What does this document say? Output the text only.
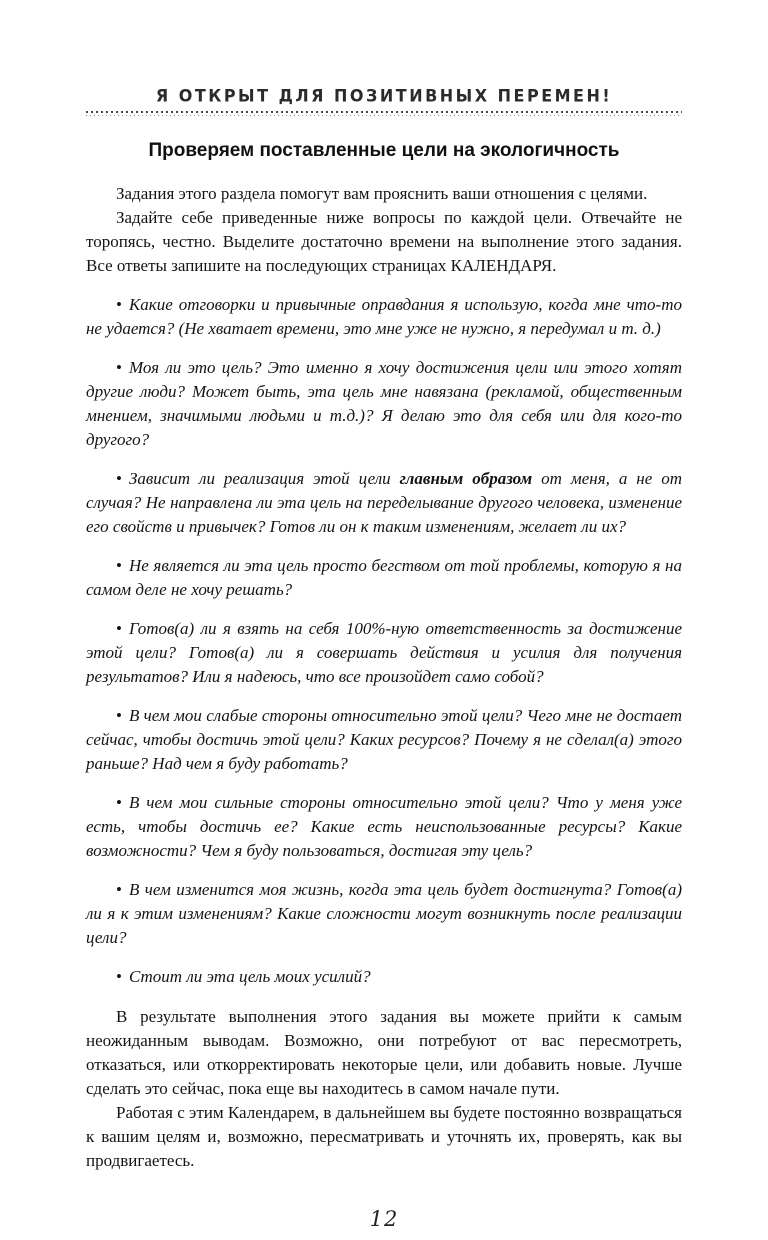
Я ОТКРЫТ ДЛЯ ПОЗИТИВНЫХ ПЕРЕМЕН!
Проверяем поставленные цели на экологичность

Задания этого раздела помогут вам прояснить ваши отношения с целями.

Задайте себе приведенные ниже вопросы по каждой цели. Отвечайте не торопясь, честно. Выделите достаточно времени на выполнение этого задания. Все ответы запишите на последующих страницах КАЛЕНДАРЯ.

• Какие отговорки и привычные оправдания я использую, когда мне что-то не удается? (Не хватает времени, это мне уже не нужно, я передумал и т. д.)
• Моя ли это цель? Это именно я хочу достижения цели или этого хотят другие люди? Может быть, эта цель мне навязана (рекламой, общественным мнением, значимыми людьми и т.д.)? Я делаю это для себя или для кого-то другого?
• Зависит ли реализация этой цели главным образом от меня, а не от случая? Не направлена ли эта цель на переделывание другого человека, изменение его свойств и привычек? Готов ли он к таким изменениям, желает ли их?
• Не является ли эта цель просто бегством от той проблемы, которую я на самом деле не хочу решать?
• Готов(а) ли я взять на себя 100%-ную ответственность за достижение этой цели? Готов(а) ли я совершать действия и усилия для получения результатов? Или я надеюсь, что все произойдет само собой?
• В чем мои слабые стороны относительно этой цели? Чего мне не достает сейчас, чтобы достичь этой цели? Каких ресурсов? Почему я не сделал(а) этого раньше? Над чем я буду работать?
• В чем мои сильные стороны относительно этой цели? Что у меня уже есть, чтобы достичь ее? Какие есть неиспользованные ресурсы? Какие возможности? Чем я буду пользоваться, достигая эту цель?
• В чем изменится моя жизнь, когда эта цель будет достигнута? Готов(а) ли я к этим изменениям? Какие сложности могут возникнуть после реализации цели?
• Стоит ли эта цель моих усилий?

В результате выполнения этого задания вы можете прийти к самым неожиданным выводам. Возможно, они потребуют от вас пересмотреть, отказаться, или откорректировать некоторые цели, или добавить новые. Лучше сделать это сейчас, пока еще вы находитесь в самом начале пути.

Работая с этим Календарем, в дальнейшем вы будете постоянно возвращаться к вашим целям и, возможно, пересматривать и уточнять их, проверять, как вы продвигаетесь.

12
